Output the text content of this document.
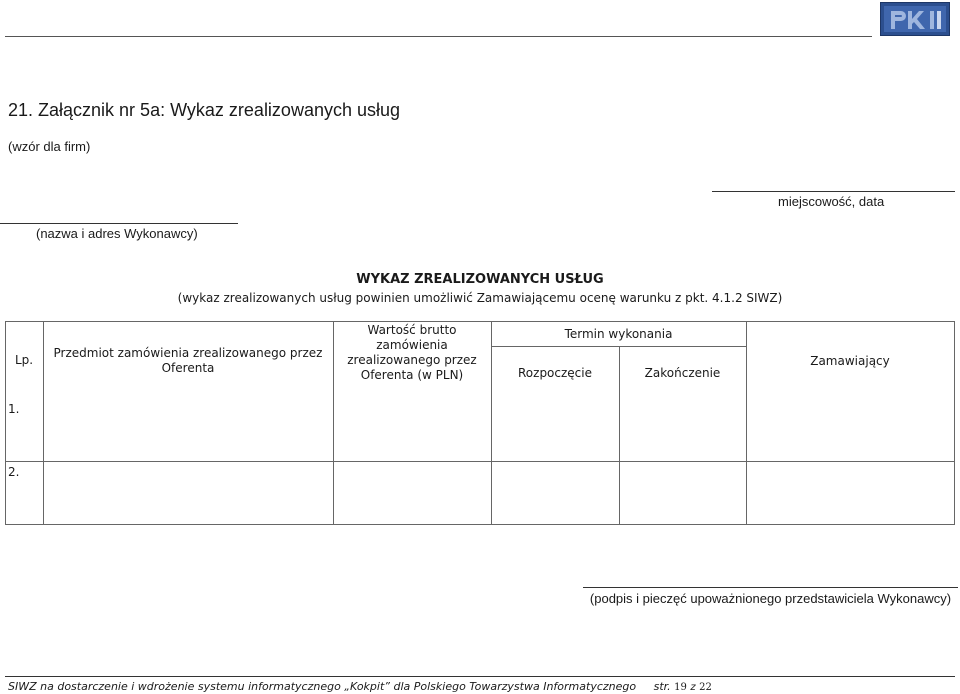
21. Załącznik nr 5a: Wykaz zrealizowanych usług
(wzór dla firm)
miejscowość, data
(nazwa i adres Wykonawcy)
WYKAZ ZREALIZOWANYCH USŁUG
(wykaz zrealizowanych usług powinien umożliwić Zamawiającemu ocenę warunku z pkt. 4.1.2 SIWZ)
Lp.	Przedmiot zamówienia zrealizowanego przez Oferenta
Wartość brutto zamówienia zrealizowanego przez Oferenta (w PLN)
Termin wykonania
Rozpoczęcie	Zakończenie
Zamawiający
1.
2.
(podpis i pieczęć upoważnionego przedstawiciela Wykonawcy)
SIWZ na dostarczenie i wdrożenie systemu informatycznego „Kokpit” dla Polskiego Towarzystwa Informatycznego str. 19 z 22
